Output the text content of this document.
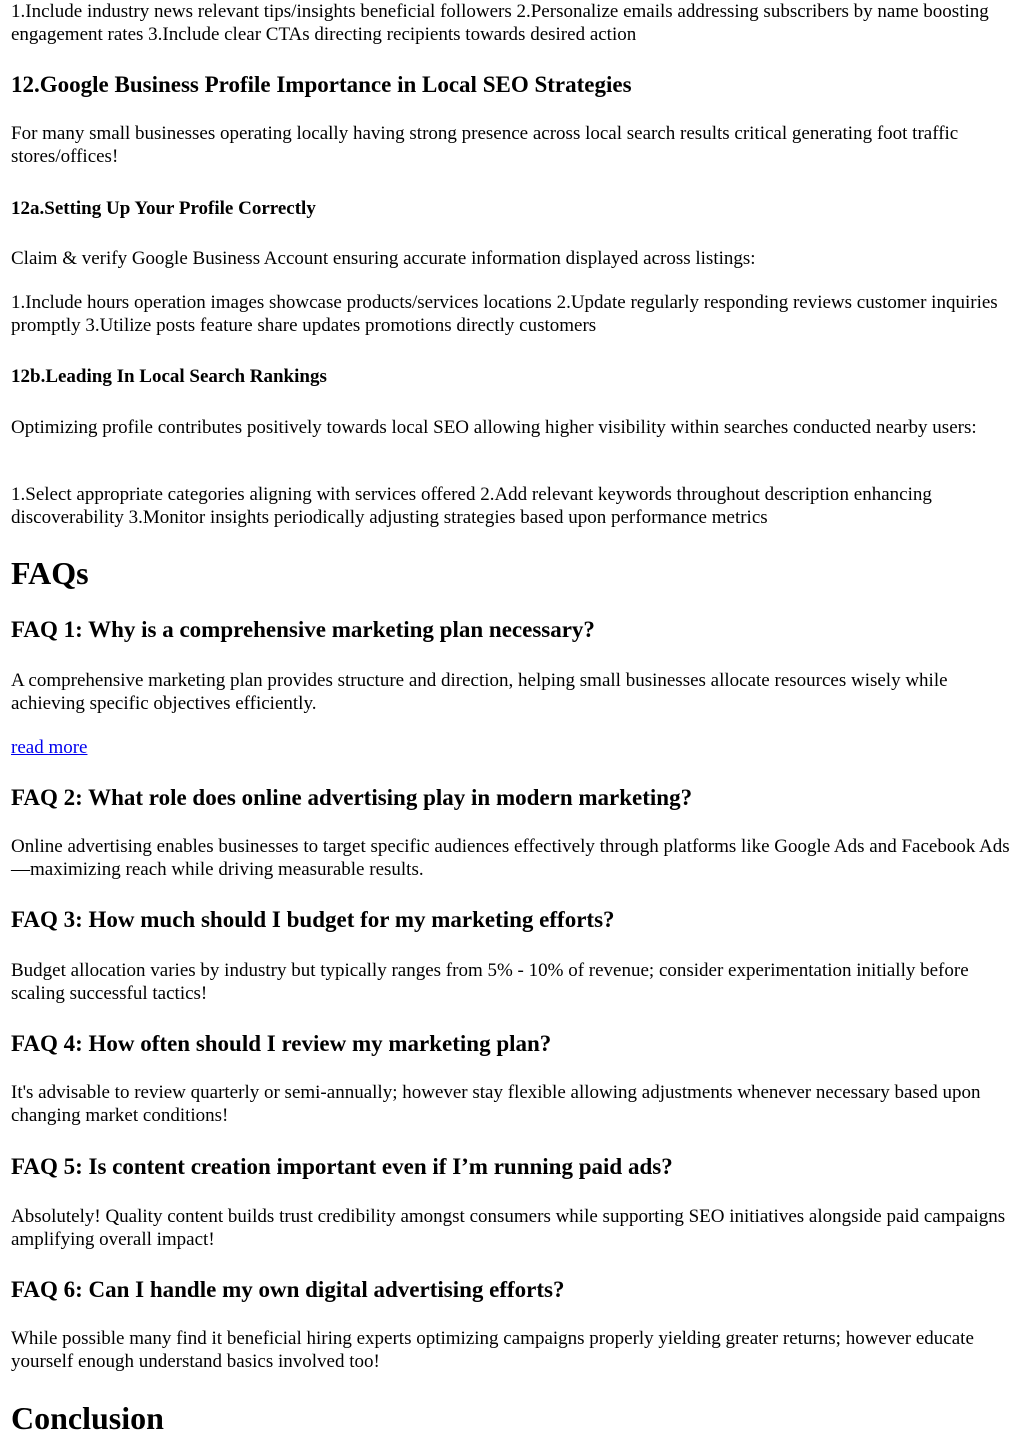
1.Include industry news relevant tips/insights beneficial followers 2.Personalize emails addressing subscribers by name boosting engagement rates 3.Include clear CTAs directing recipients towards desired action

12.Google Business Profile Importance in Local SEO Strategies

For many small businesses operating locally having strong presence across local search results critical generating foot traffic stores/offices!

12a.Setting Up Your Profile Correctly

Claim & verify Google Business Account ensuring accurate information displayed across listings:

1.Include hours operation images showcase products/services locations 2.Update regularly responding reviews customer inquiries promptly 3.Utilize posts feature share updates promotions directly customers

12b.Leading In Local Search Rankings

Optimizing profile contributes positively towards local SEO allowing higher visibility within searches conducted nearby users:

1.Select appropriate categories aligning with services offered 2.Add relevant keywords throughout description enhancing discoverability 3.Monitor insights periodically adjusting strategies based upon performance metrics

FAQs
FAQ 1: Why is a comprehensive marketing plan necessary?

A comprehensive marketing plan provides structure and direction, helping small businesses allocate resources wisely while achieving specific objectives efficiently.

read more
FAQ 2: What role does online advertising play in modern marketing?

Online advertising enables businesses to target specific audiences effectively through platforms like Google Ads and Facebook Ads—maximizing reach while driving measurable results.

FAQ 3: How much should I budget for my marketing efforts?

Budget allocation varies by industry but typically ranges from 5% - 10% of revenue; consider experimentation initially before scaling successful tactics!

FAQ 4: How often should I review my marketing plan?

It's advisable to review quarterly or semi-annually; however stay flexible allowing adjustments whenever necessary based upon changing market conditions!

FAQ 5: Is content creation important even if I’m running paid ads?

Absolutely! Quality content builds trust credibility amongst consumers while supporting SEO initiatives alongside paid campaigns amplifying overall impact!

FAQ 6: Can I handle my own digital advertising efforts?

While possible many find it beneficial hiring experts optimizing campaigns properly yielding greater returns; however educate yourself enough understand basics involved too!

Conclusion
